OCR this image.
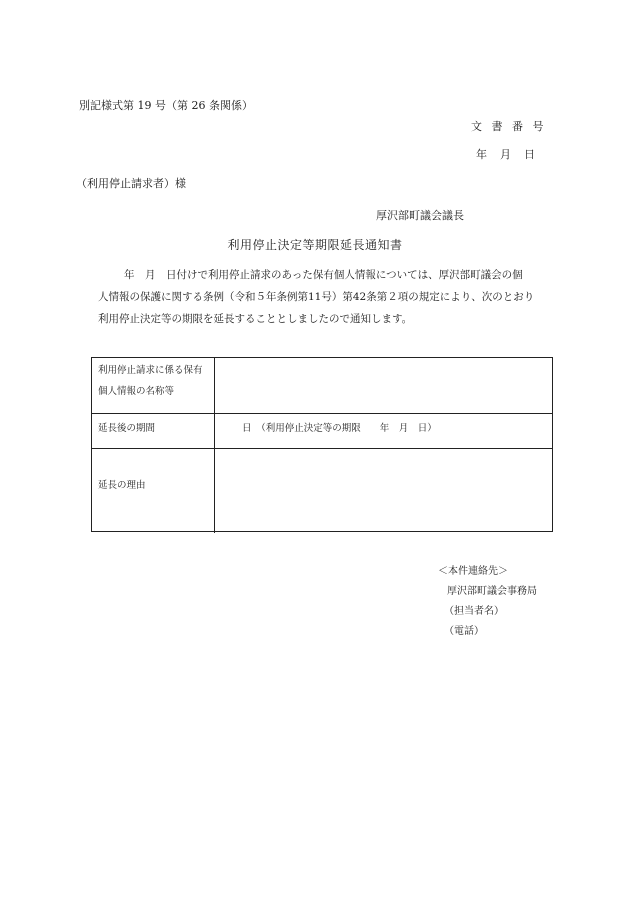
別記様式第 19 号（第 26 条関係）
文 書 番 号
年　月　日
（利用停止請求者）様
厚沢部町議会議長
利用停止決定等期限延長通知書
年　月　日付けで利用停止請求のあった保有個人情報については、厚沢部町議会の個
人情報の保護に関する条例（令和５年条例第11号）第42条第２項の規定により、次のとおり
利用停止決定等の期限を延長することとしましたので通知します。
利用停止請求に係る保有
個人情報の名称等
延長後の期間	日　（利用停止決定等の期限　　年　月　日）
延長の理由
＜本件連絡先＞
厚沢部町議会事務局
（担当者名）
（電話）
